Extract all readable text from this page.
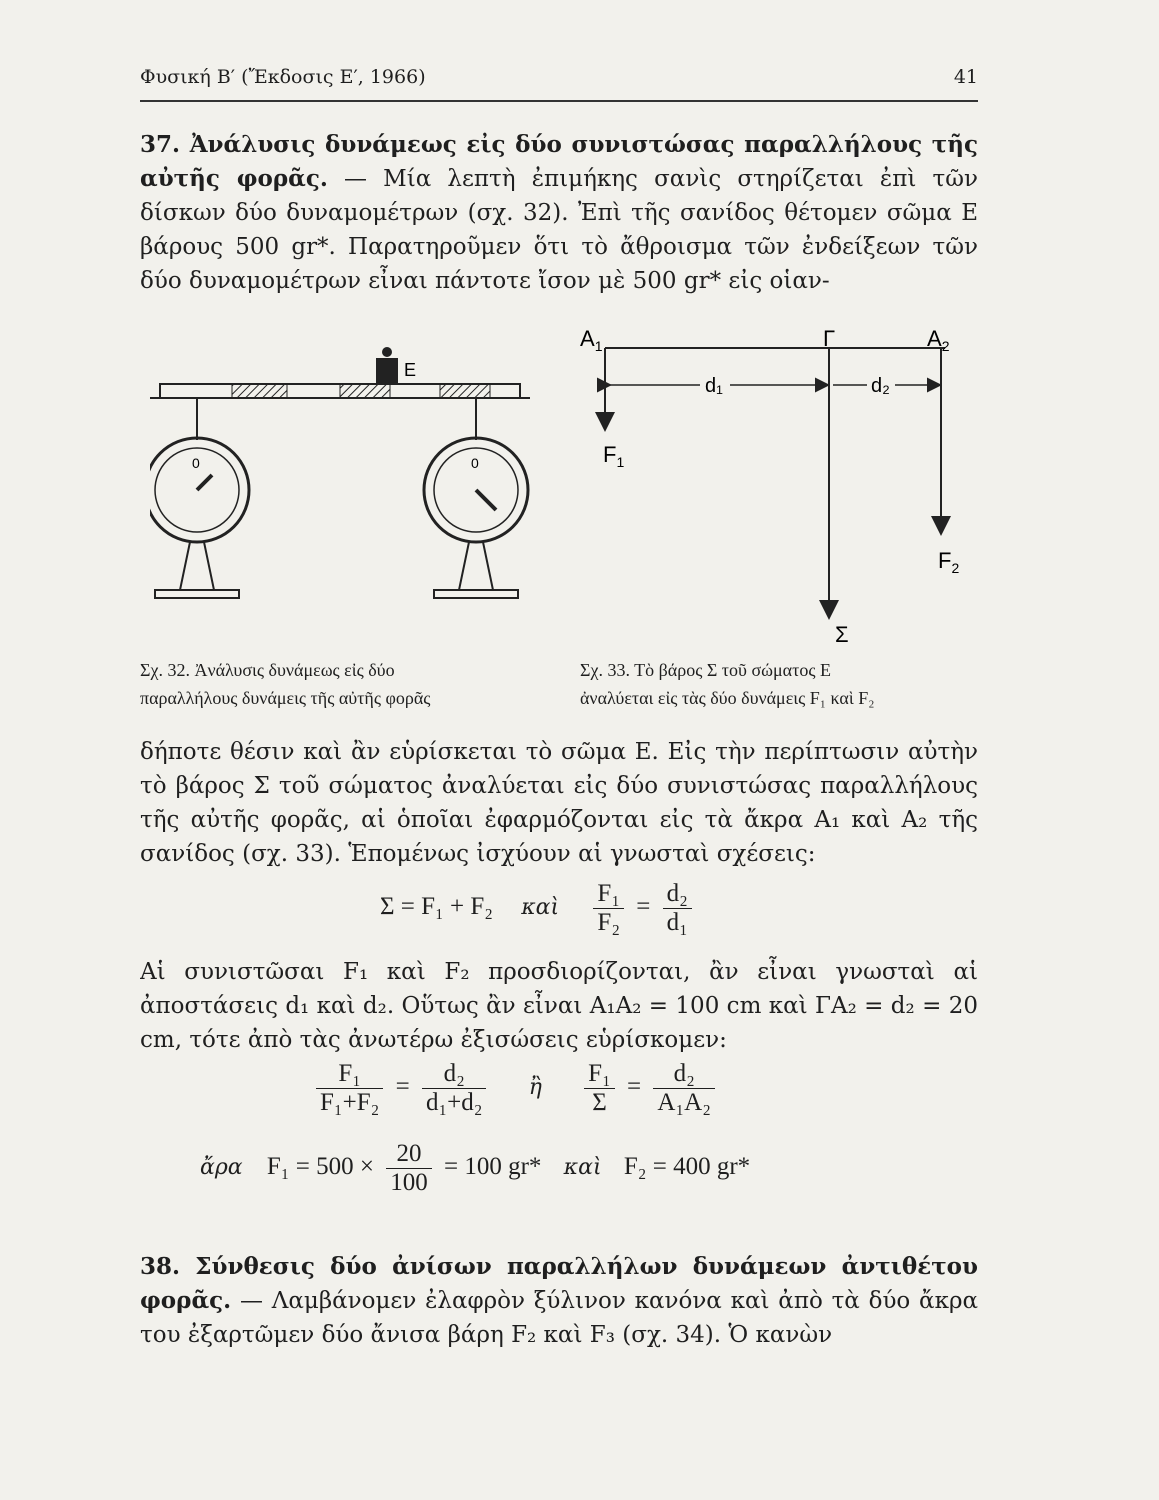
Φυσική Β′ (Ἔκδοσις Ε′, 1966)	41

37. Ἀνάλυσις δυνάμεως εἰς δύο συνιστώσας παραλλήλους τῆς αὐτῆς φορᾶς. — Μία λεπτὴ ἐπιμήκης σανὶς στηρίζεται ἐπὶ τῶν δίσκων δύο δυναμομέτρων (σχ. 32). Ἐπὶ τῆς σανίδος θέτομεν σῶμα Ε βάρους 500 gr*. Παρατηροῦμεν ὅτι τὸ ἄθροισμα τῶν ἐνδείξεων τῶν δύο δυναμομέτρων εἶναι πάντοτε ἴσον μὲ 500 gr* εἰς οἱαν-

E
0	0
$A_1$	Γ	$A_2$
d₁	d₂
$F_1$
Σ
$F_2$

Σχ. 32. Ἀνάλυσις δυνάμεως εἰς δύο
παραλλήλους δυνάμεις τῆς αὐτῆς φορᾶς

Σχ. 33. Τὸ βάρος Σ τοῦ σώματος Ε
ἀναλύεται εἰς τὰς δύο δυνάμεις F₁ καὶ F₂

δήποτε θέσιν καὶ ἂν εὑρίσκεται τὸ σῶμα Ε. Εἰς τὴν περίπτωσιν αὐτὴν τὸ βάρος Σ τοῦ σώματος ἀναλύεται εἰς δύο συνιστώσας παραλλήλους τῆς αὐτῆς φορᾶς, αἱ ὁποῖαι ἐφαρμόζονται εἰς τὰ ἄκρα Α₁ καὶ Α₂ τῆς σανίδος (σχ. 33). Ἑπομένως ἰσχύουν αἱ γνωσταὶ σχέσεις:

Σ = F₁ + F₂ καὶ $\frac{\text{F₁}}{\text{F₂}} = \frac{\text{d₂}}{\text{d₁}}$

Αἱ συνιστῶσαι F₁ καὶ F₂ προσδιορίζονται, ἂν εἶναι γνωσταὶ αἱ ἀποστάσεις d₁ καὶ d₂. Οὕτως ἂν εἶναι Α₁Α₂ = 100 cm καὶ ΓΑ₂ = d₂ = 20 cm, τότε ἀπὸ τὰς ἀνωτέρω ἐξισώσεις εὑρίσκομεν:

$\frac{\text{F₁}}{\text{F₁+F₂}} = \frac{\text{d₂}}{\text{d₁+d₂}}$ ἢ $\frac{\text{F₁}}{\Sigma} = \frac{\text{d₂}}{\text{A₁A₂}}$
ἄρα $F_1 = 500 \times \frac{20}{100} = 100$ gr* καὶ F₂ = 400 gr*

38. Σύνθεσις δύο ἀνίσων παραλλήλων δυνάμεων ἀντιθέτου φορᾶς. — Λαμβάνομεν ἐλαφρὸν ξύλινον κανόνα καὶ ἀπὸ τὰ δύο ἄκρα του ἐξαρτῶμεν δύο ἄνισα βάρη F₂ καὶ F₃ (σχ. 34). Ὁ κανὼν
